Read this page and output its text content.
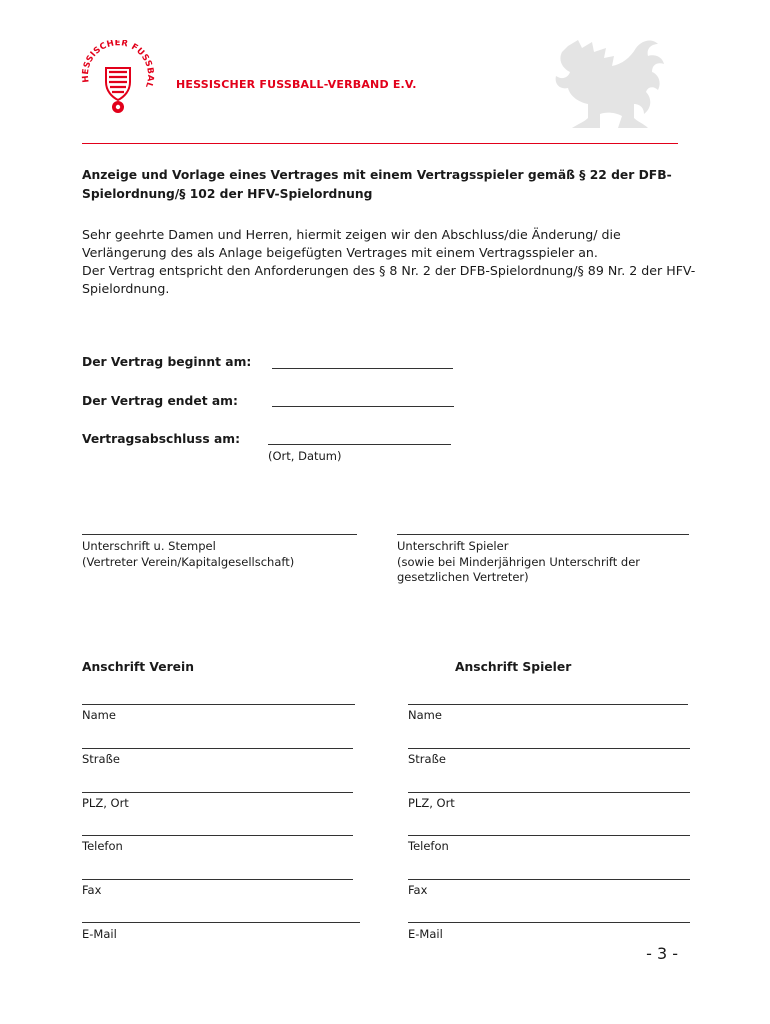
HESSISCHER FUSSBAL HESSISCHER FUSSBALL-VERBAND E.V.
Anzeige und Vorlage eines Vertrages mit einem Vertragsspieler gemäß § 22 der DFB-Spielordnung/§ 102 der HFV-Spielordnung

Sehr geehrte Damen und Herren, hiermit zeigen wir den Abschluss/die Änderung/ die Verlängerung des als Anlage beigefügten Vertrages mit einem Vertragsspieler an.

Der Vertrag entspricht den Anforderungen des § 8 Nr. 2 der DFB-Spielordnung/§ 89 Nr. 2 der HFV-Spielordnung.

Der Vertrag beginnt am:
Der Vertrag endet am:
Vertragsabschluss am:
(Ort, Datum)
Unterschrift u. Stempel
(Vertreter Verein/Kapitalgesellschaft)
Unterschrift Spieler
(sowie bei Minderjährigen Unterschrift der
gesetzlichen Vertreter)
Anschrift Verein	Anschrift Spieler
Name
Straße
PLZ, Ort
Telefon
Fax
E-Mail
Name
Straße
PLZ, Ort
Telefon
Fax
E-Mail
- 3 -
